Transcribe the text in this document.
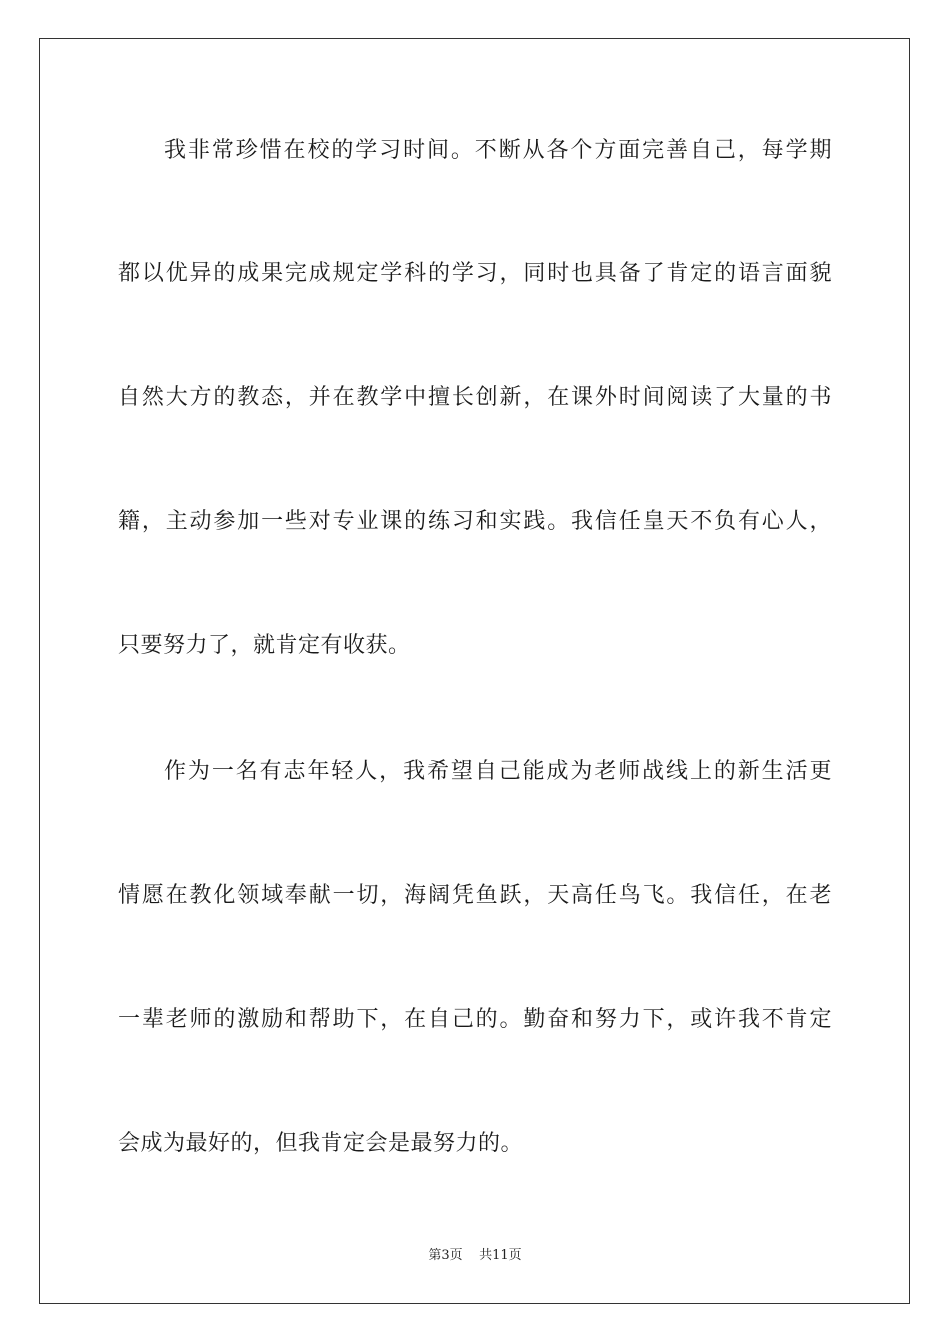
我非常珍惜在校的学习时间。不断从各个方面完善自己，每学期
都以优异的成果完成规定学科的学习，同时也具备了肯定的语言面貌
自然大方的教态，并在教学中擅长创新，在课外时间阅读了大量的书
籍，主动参加一些对专业课的练习和实践。我信任皇天不负有心人，
只要努力了，就肯定有收获。
作为一名有志年轻人，我希望自己能成为老师战线上的新生活更
情愿在教化领域奉献一切，海阔凭鱼跃，天高任鸟飞。我信任，在老
一辈老师的激励和帮助下，在自己的。勤奋和努力下，或许我不肯定
会成为最好的，但我肯定会是最努力的。
第3页 共11页
